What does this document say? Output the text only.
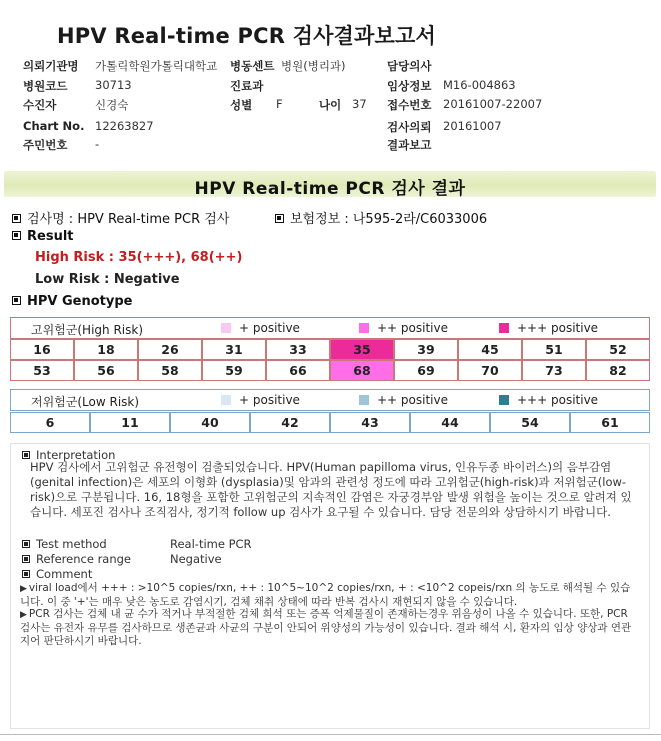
HPV Real-time PCR 검사결과보고서
의뢰기관명 가톨릭학원가톨릭대학교 병동센트 병원(병리과)	담당의사
병원코드 30713	진료과	임상정보 M16-004863
수진자	신경숙	성별 F	나이 37 접수번호 20161007-22007
Chart No. 12263827	검사의뢰 20161007
주민번호 -	결과보고
HPV Real-time PCR 검사 결과
검사명 : HPV Real-time PCR 검사	보험정보 : 나595-2라/C6033006
Result
High Risk : 35(+++), 68(++)
Low Risk : Negative
HPV Genotype
고위험군(High Risk)	+ positive	++ positive	+++ positive
16	18	26	31	33	35	39	45	51	52
53	56	58	59	66	68	69	70	73	82
저위험군(Low Risk)	+ positive	++ positive	+++ positive
6	11	40	42	43	44	54	61
Interpretation
HPV 검사에서 고위험군 유전형이 검출되었습니다. HPV(Human papilloma virus, 인유두종 바이러스)의 음부감염(genital infection)은 세포의 이형화 (dysplasia)및 암과의 관련성 정도에 따라 고위험군(high-risk)과 저위험군(low-risk)으로 구분됩니다. 16, 18형을 포함한 고위험군의 지속적인 감염은 자궁경부암 발생 위험을 높이는 것으로 알려져 있습니다. 세포진 검사나 조직검사, 정기적 follow up 검사가 요구될 수 있습니다. 담당 전문의와 상담하시기 바랍니다.
Test method	Real-time PCR
Reference range	Negative
Comment
▶ viral load에서 +++ : >10^5 copies/rxn, ++ : 10^5~10^2 copies/rxn, + : <10^2 copeis/rxn 의 농도로 해석될 수 있습니다. 이 중 '+'는 매우 낮은 농도로 감염시기, 검체 채취 상태에 따라 반복 검사시 재현되지 않을 수 있습니다.
▶ PCR 검사는 검체 내 균 수가 적거나 부적절한 검체 희석 또는 증폭 억제물질이 존재하는경우 위음성이 나올 수 있습니다. 또한, PCR 검사는 유전자 유무를 검사하므로 생존균과 사균의 구분이 안되어 위양성의 가능성이 있습니다. 결과 해석 시, 환자의 임상 양상과 연관지어 판단하시기 바랍니다.
